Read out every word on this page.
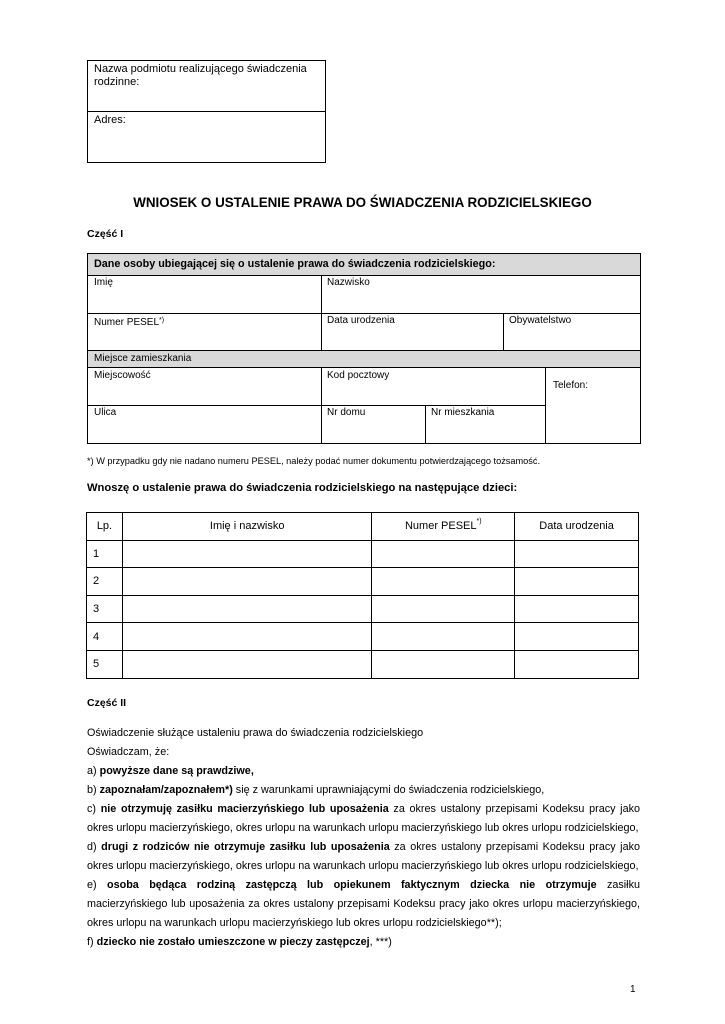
Nazwa podmiotu realizującego świadczenia rodzinne:
Adres:
WNIOSEK O USTALENIE PRAWA DO ŚWIADCZENIA RODZICIELSKIEGO
Część I
Dane osoby ubiegającej się o ustalenie prawa do świadczenia rodzicielskiego:
Imię	Nazwisko
Numer PESEL*)	Data urodzenia	Obywatelstwo
Miejsce zamieszkania
Miejscowość	Kod pocztowy
Telefon:
Ulica	Nr domu	Nr mieszkania
*) W przypadku gdy nie nadano numeru PESEL, należy podać numer dokumentu potwierdzającego tożsamość.
Wnoszę o ustalenie prawa do świadczenia rodzicielskiego na następujące dzieci:
Lp.	Imię i nazwisko	Numer PESEL*)	Data urodzenia
1			
2			
3			
4			
5			
Część II

Oświadczenie służące ustaleniu prawa do świadczenia rodzicielskiego

Oświadczam, że:

a) powyższe dane są prawdziwe,

b) zapoznałam/zapoznałem*) się z warunkami uprawniającymi do świadczenia rodzicielskiego,

c) nie otrzymuję zasiłku macierzyńskiego lub uposażenia za okres ustalony przepisami Kodeksu pracy jako okres urlopu macierzyńskiego, okres urlopu na warunkach urlopu macierzyńskiego lub okres urlopu rodzicielskiego,

d) drugi z rodziców nie otrzymuje zasiłku lub uposażenia za okres ustalony przepisami Kodeksu pracy jako okres urlopu macierzyńskiego, okres urlopu na warunkach urlopu macierzyńskiego lub okres urlopu rodzicielskiego,

e) osoba będąca rodziną zastępczą lub opiekunem faktycznym dziecka nie otrzymuje zasiłku macierzyńskiego lub uposażenia za okres ustalony przepisami Kodeksu pracy jako okres urlopu macierzyńskiego, okres urlopu na warunkach urlopu macierzyńskiego lub okres urlopu rodzicielskiego**);

f) dziecko nie zostało umieszczone w pieczy zastępczej, ***)

1
